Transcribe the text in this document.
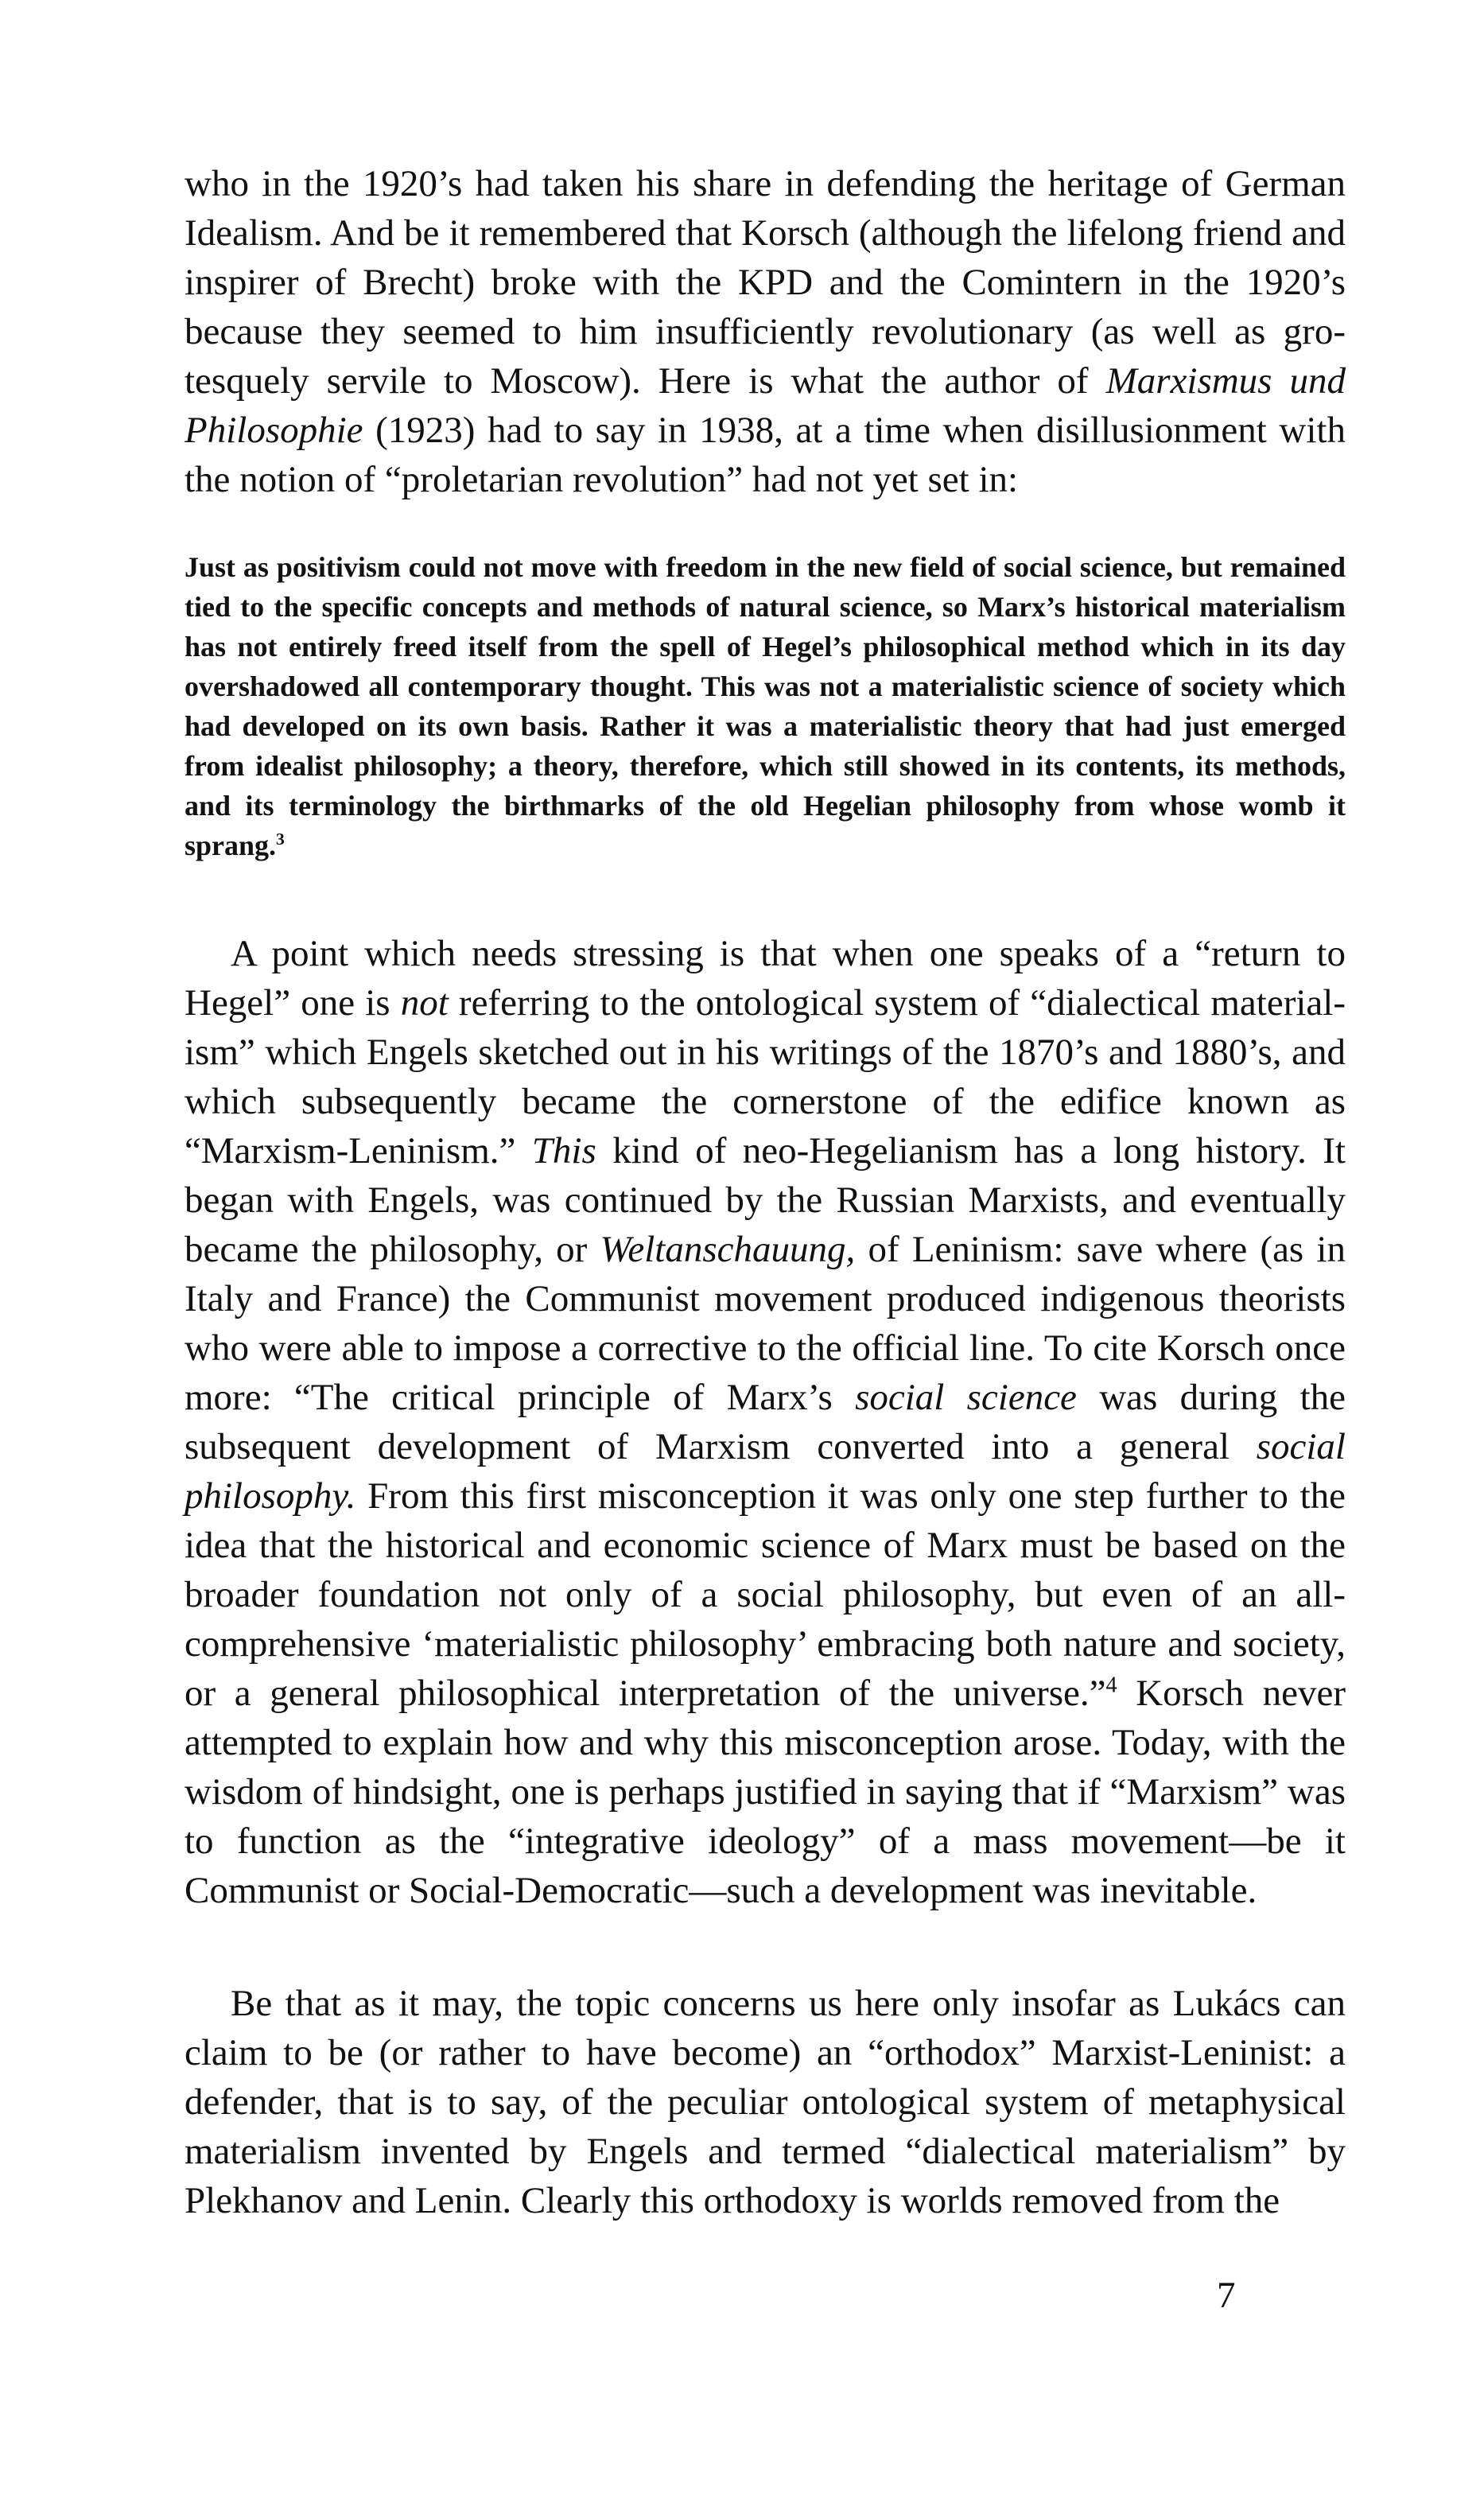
who in the 1920’s had taken his share in defending the heritage of German Idealism. And be it remembered that Korsch (although the lifelong friend and inspirer of Brecht) broke with the KPD and the Comintern in the 1920’s because they seemed to him insufficiently revolutionary (as well as grotesquely servile to Moscow). Here is what the author of Marxismus und Philosophie (1923) had to say in 1938, at a time when disillusionment with the notion of “proletarian revolution” had not yet set in:

Just as positivism could not move with freedom in the new field of social science, but remained tied to the specific concepts and methods of natural science, so Marx’s historical materialism has not entirely freed itself from the spell of Hegel’s philosophical method which in its day overshadowed all contemporary thought. This was not a materialistic science of society which had developed on its own basis. Rather it was a materialistic theory that had just emerged from idealist philosophy; a theory, therefore, which still showed in its contents, its methods, and its terminology the birthmarks of the old Hegelian philosophy from whose womb it sprang.$^3$

A point which needs stressing is that when one speaks of a “return to Hegel” one is not referring to the ontological system of “dialectical materialism” which Engels sketched out in his writings of the 1870’s and 1880’s, and which subsequently became the cornerstone of the edifice known as “Marxism-Leninism.” This kind of neo-Hegelianism has a long history. It began with Engels, was continued by the Russian Marxists, and eventually became the philosophy, or Weltanschauung, of Leninism: save where (as in Italy and France) the Communist movement produced indigenous theorists who were able to impose a corrective to the official line. To cite Korsch once more: “The critical principle of Marx’s social science was during the subsequent development of Marxism converted into a general social philosophy. From this first misconception it was only one step further to the idea that the historical and economic science of Marx must be based on the broader foundation not only of a social philosophy, but even of an all-comprehensive ‘materialistic philosophy’ embracing both nature and society, or a general philosophical interpretation of the universe.”$^4$ Korsch never attempted to explain how and why this misconception arose. Today, with the wisdom of hindsight, one is perhaps justified in saying that if “Marxism” was to function as the “integrative ideology” of a mass movement—be it Communist or Social-Democratic—such a development was inevitable.

Be that as it may, the topic concerns us here only insofar as Lukács can claim to be (or rather to have become) an “orthodox” Marxist-Leninist: a defender, that is to say, of the peculiar ontological system of metaphysical materialism invented by Engels and termed “dialectical materialism” by Plekhanov and Lenin. Clearly this orthodoxy is worlds removed from the

7
